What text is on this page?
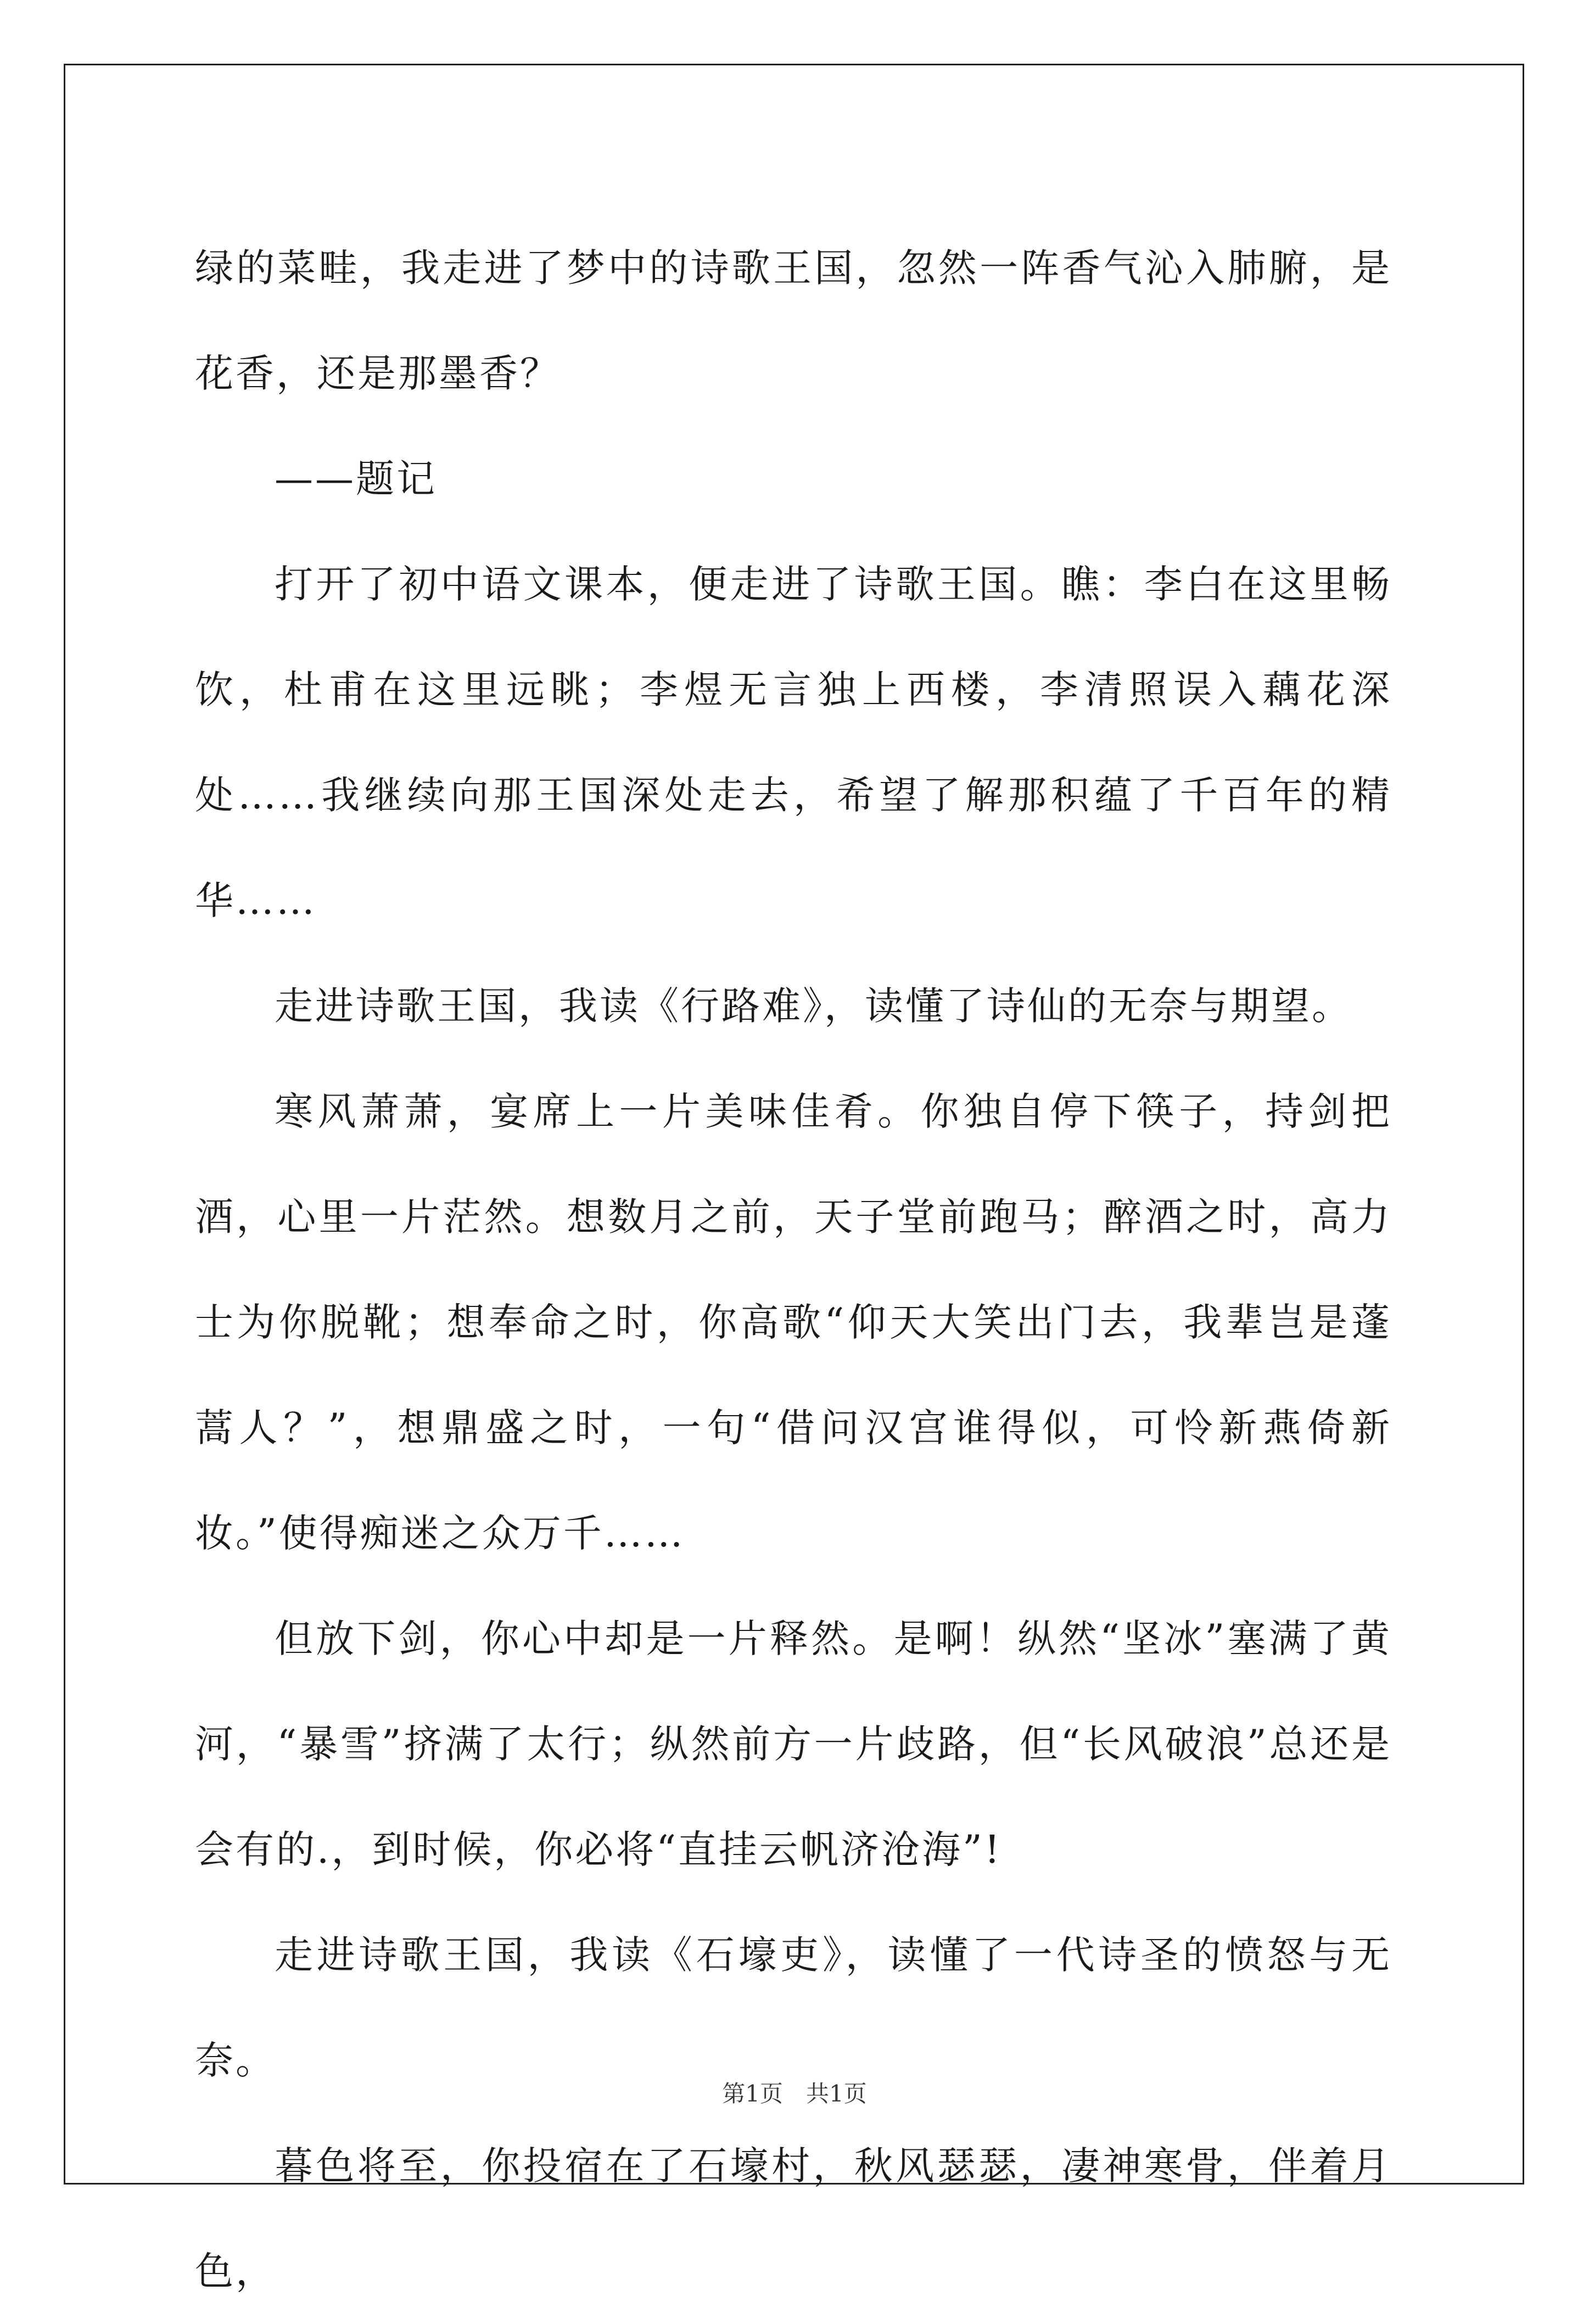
绿的菜畦，我走进了梦中的诗歌王国，忽然一阵香气沁入肺腑，是花香，还是那墨香？

——题记

打开了初中语文课本，便走进了诗歌王国。瞧：李白在这里畅饮，杜甫在这里远眺；李煜无言独上西楼，李清照误入藕花深处……我继续向那王国深处走去，希望了解那积蕴了千百年的精华……

走进诗歌王国，我读《行路难》，读懂了诗仙的无奈与期望。

寒风萧萧，宴席上一片美味佳肴。你独自停下筷子，持剑把酒，心里一片茫然。想数月之前，天子堂前跑马；醉酒之时，高力士为你脱靴；想奉命之时，你高歌“仰天大笑出门去，我辈岂是蓬蒿人？”，想鼎盛之时，一句“借问汉宫谁得似，可怜新燕倚新妆。”使得痴迷之众万千……

但放下剑，你心中却是一片释然。是啊！纵然“坚冰”塞满了黄河，“暴雪”挤满了太行；纵然前方一片歧路，但“长风破浪”总还是会有的.，到时候，你必将“直挂云帆济沧海”!

走进诗歌王国，我读《石壕吏》，读懂了一代诗圣的愤怒与无奈。

暮色将至，你投宿在了石壕村，秋风瑟瑟，凄神寒骨，伴着月色，

第1页　共1页
